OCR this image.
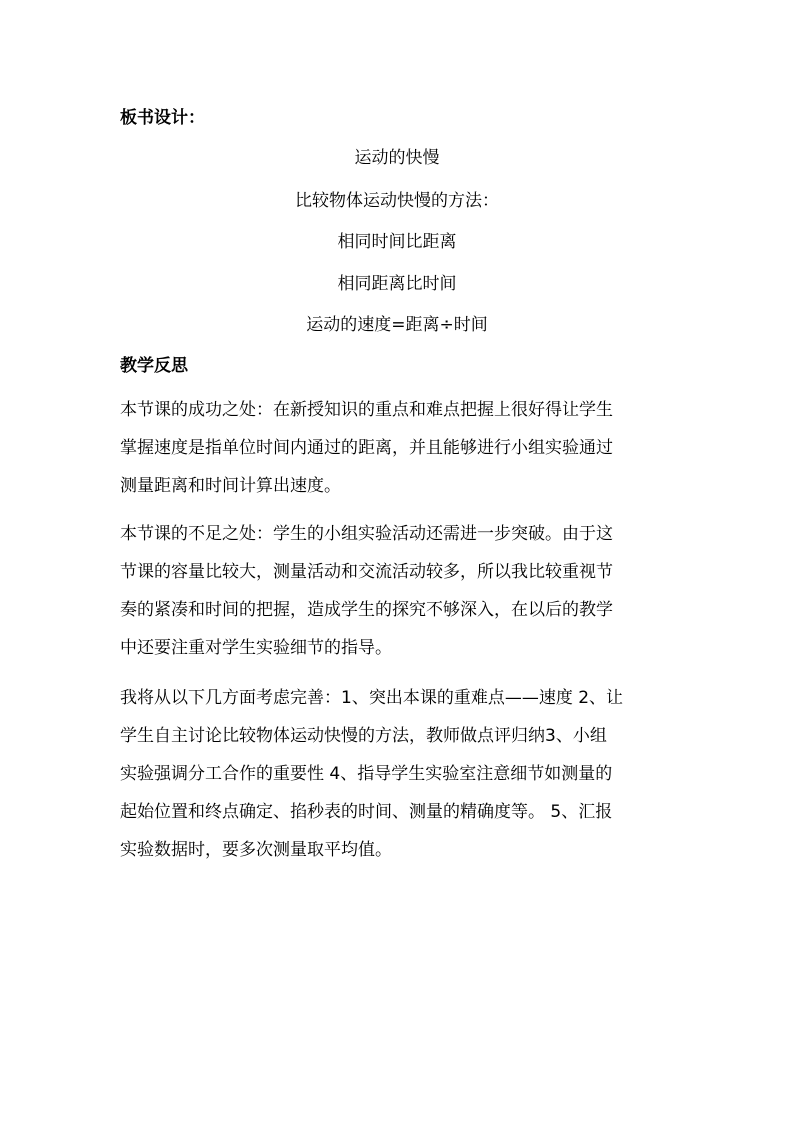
板书设计：
运动的快慢
比较物体运动快慢的方法：
相同时间比距离
相同距离比时间
运动的速度=距离÷时间
教学反思
本节课的成功之处：在新授知识的重点和难点把握上很好得让学生
掌握速度是指单位时间内通过的距离，并且能够进行小组实验通过
测量距离和时间计算出速度。
本节课的不足之处：学生的小组实验活动还需进一步突破。由于这
节课的容量比较大，测量活动和交流活动较多，所以我比较重视节
奏的紧凑和时间的把握，造成学生的探究不够深入，在以后的教学
中还要注重对学生实验细节的指导。
我将从以下几方面考虑完善：1、突出本课的重难点——速度 2、让
学生自主讨论比较物体运动快慢的方法，教师做点评归纳3、小组
实验强调分工合作的重要性 4、指导学生实验室注意细节如测量的
起始位置和终点确定、掐秒表的时间、测量的精确度等。 5、汇报
实验数据时，要多次测量取平均值。
